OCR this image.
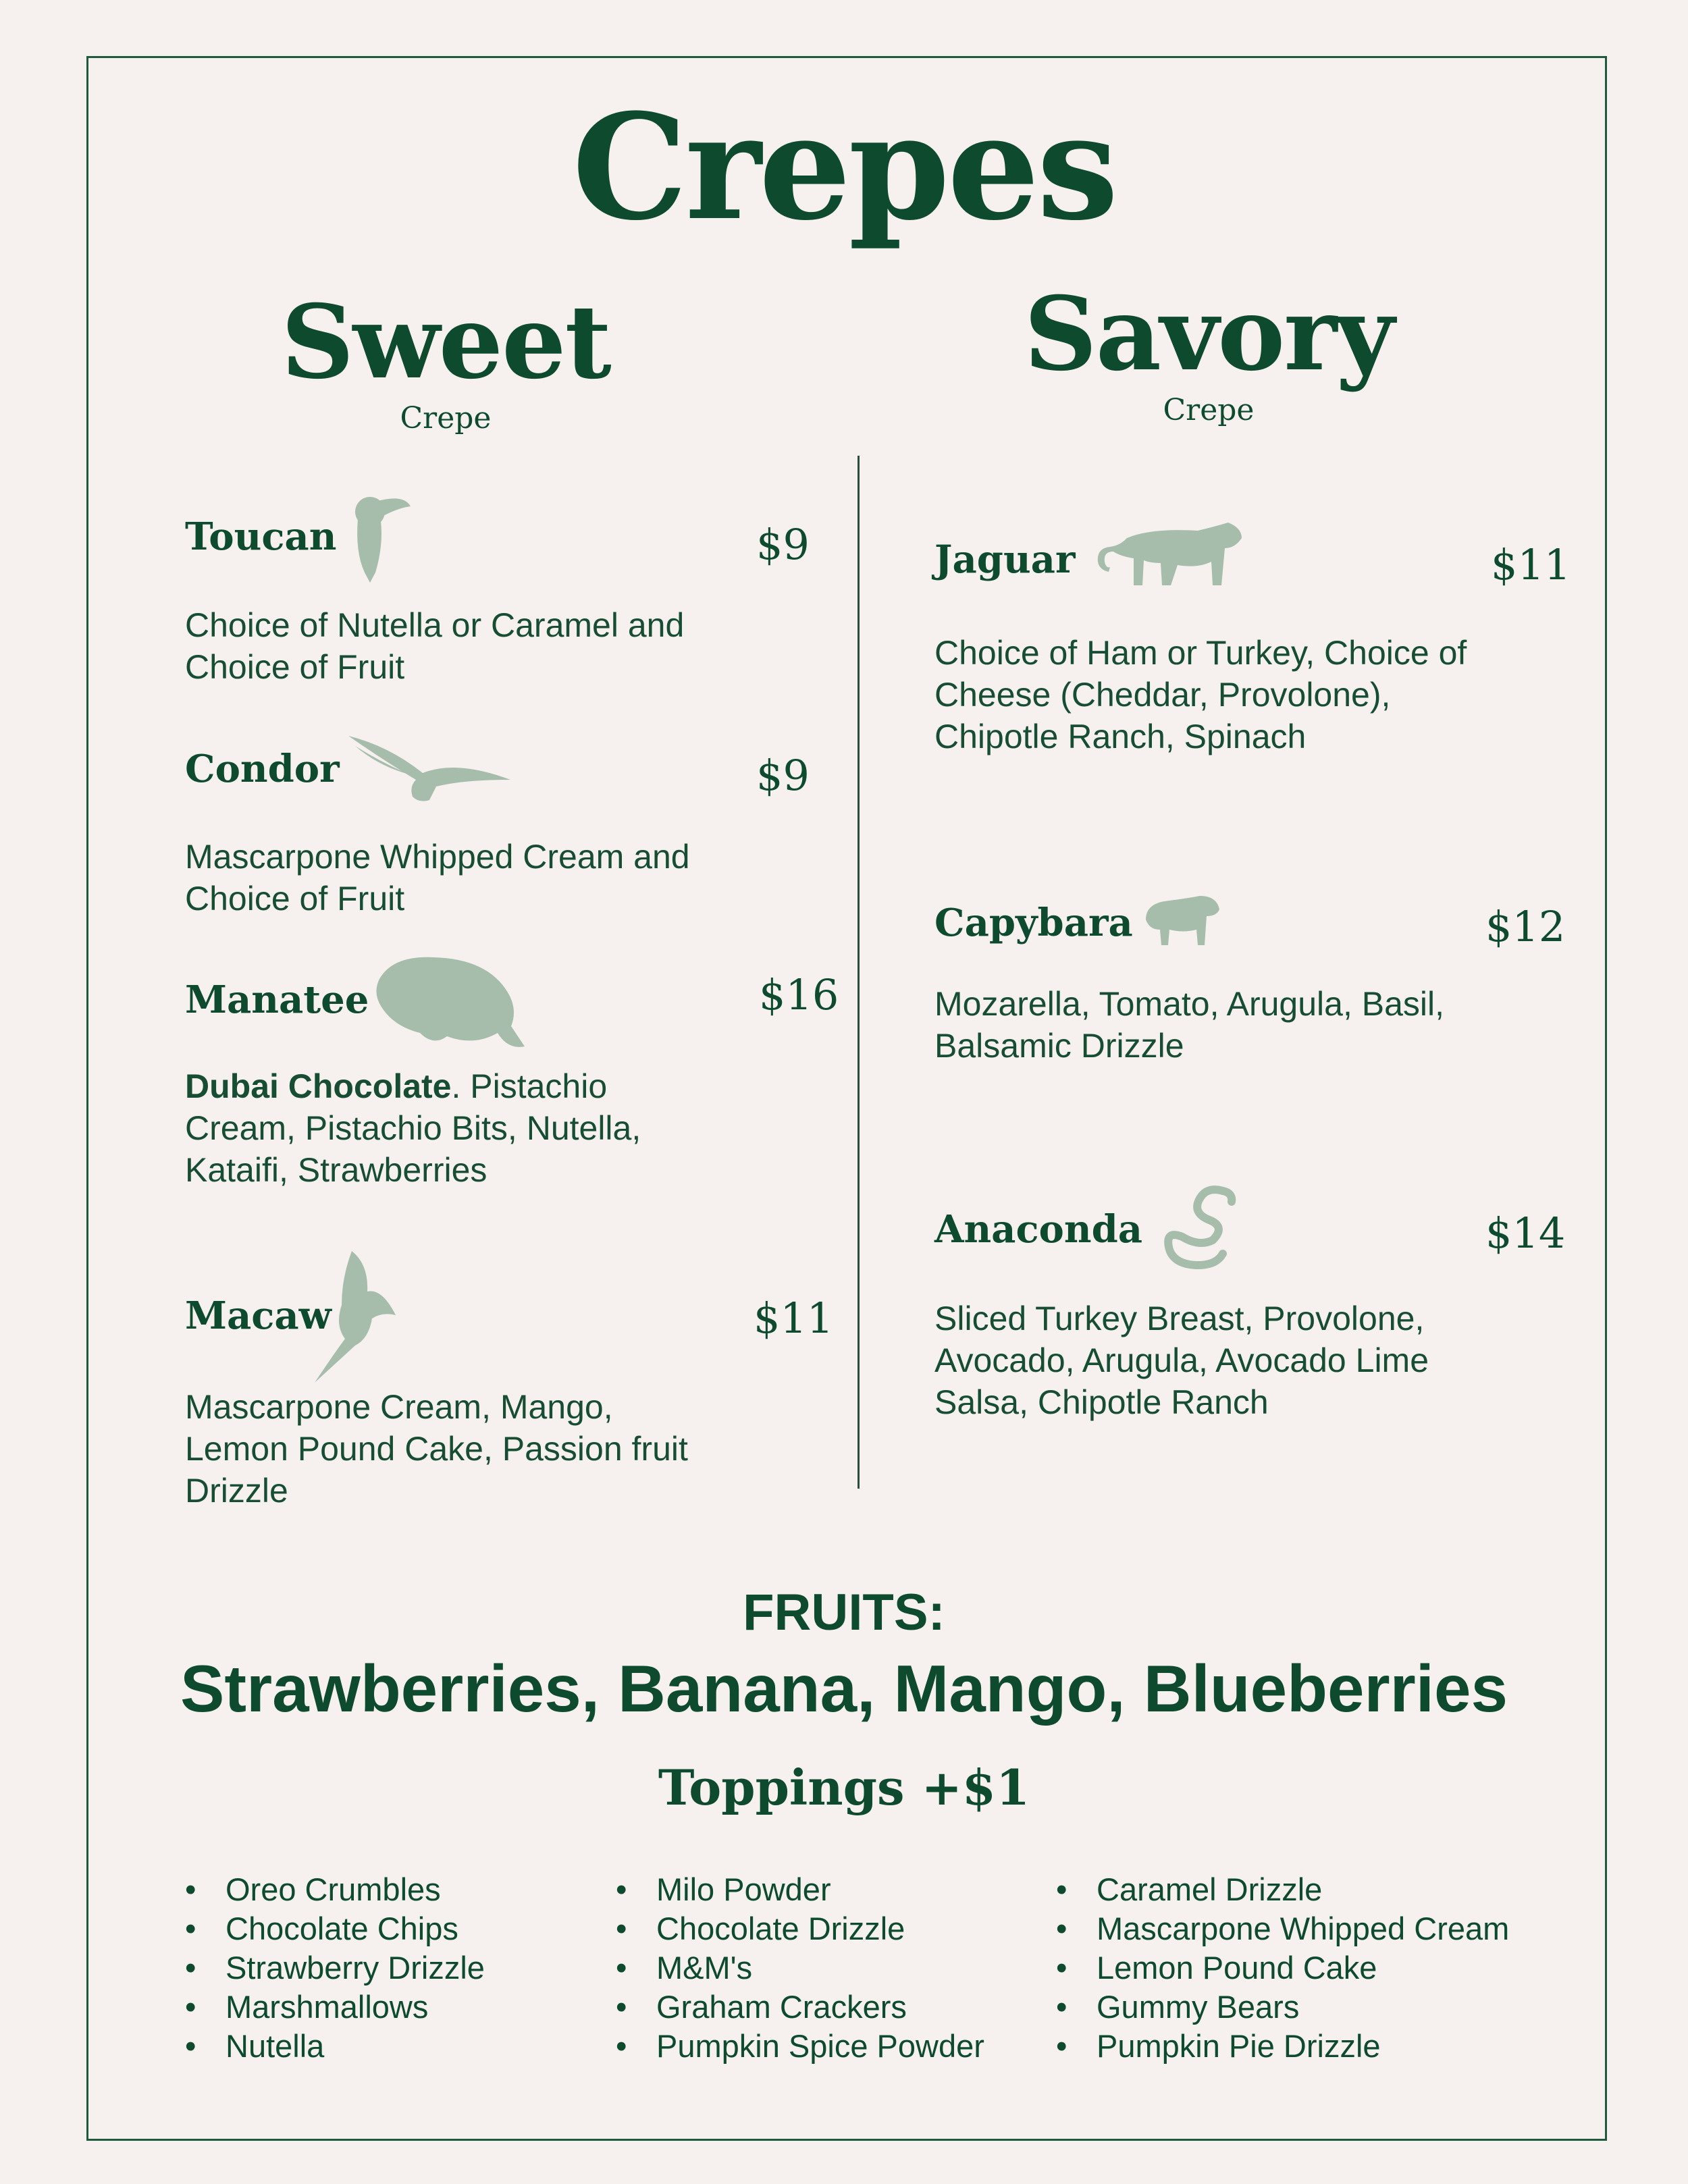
Crepes
Sweet
Crepe
Savory
Crepe
Toucan	$9
Choice of Nutella or Caramel and Choice of Fruit
Condor	$9
Mascarpone Whipped Cream and Choice of Fruit
Manatee	$16
Dubai Chocolate. Pistachio Cream, Pistachio Bits, Nutella, Kataifi, Strawberries
Macaw	$11
Mascarpone Cream, Mango, Lemon Pound Cake, Passion fruit Drizzle
Jaguar	$11
Choice of Ham or Turkey, Choice of Cheese (Cheddar, Provolone), Chipotle Ranch, Spinach
Capybara	$12
Mozarella, Tomato, Arugula, Basil, Balsamic Drizzle
Anaconda	$14
Sliced Turkey Breast, Provolone, Avocado, Arugula, Avocado Lime Salsa, Chipotle Ranch
FRUITS:
Strawberries, Banana, Mango, Blueberries
Toppings +$1
• Oreo Crumbles
• Chocolate Chips
• Strawberry Drizzle
• Marshmallows
• Nutella
• Milo Powder
• Chocolate Drizzle
• M&M's
• Graham Crackers
• Pumpkin Spice Powder
• Caramel Drizzle
• Mascarpone Whipped Cream
• Lemon Pound Cake
• Gummy Bears
• Pumpkin Pie Drizzle
